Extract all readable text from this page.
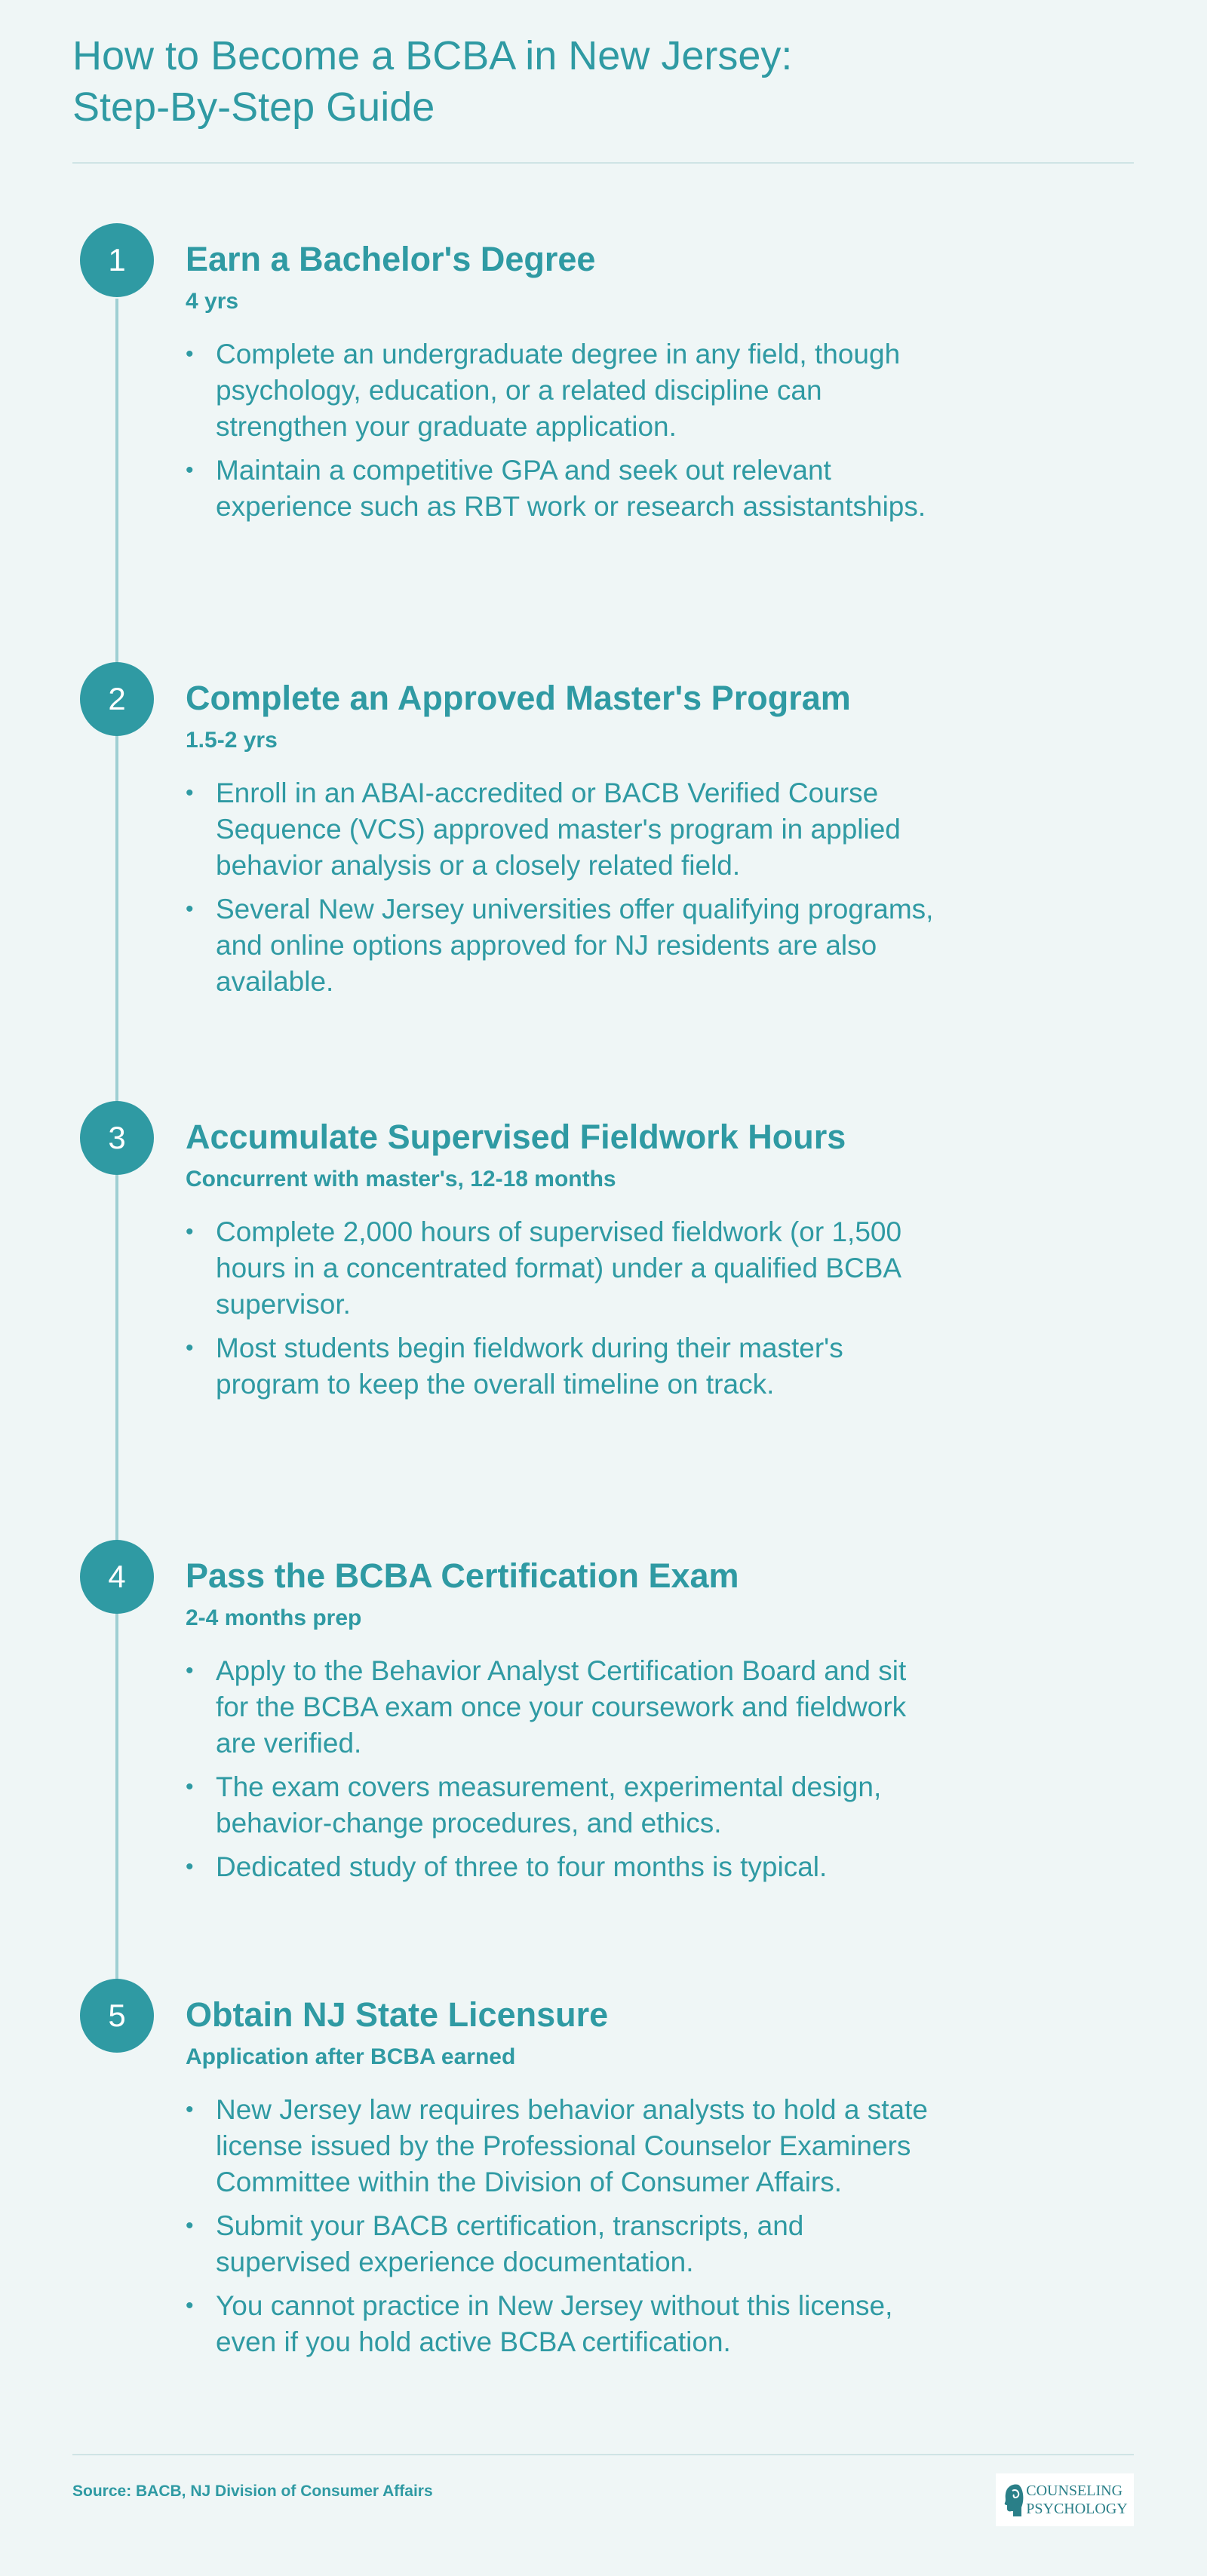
How to Become a BCBA in New Jersey:
Step-By-Step Guide
1	Earn a Bachelor's Degree

4 yrs

• Complete an undergraduate degree in any field, though psychology, education, or a related discipline can strengthen your graduate application.
• Maintain a competitive GPA and seek out relevant experience such as RBT work or research assistantships.
2	Complete an Approved Master's Program

1.5-2 yrs

• Enroll in an ABAI-accredited or BACB Verified Course Sequence (VCS) approved master's program in applied behavior analysis or a closely related field.
• Several New Jersey universities offer qualifying programs, and online options approved for NJ residents are also available.
3	Accumulate Supervised Fieldwork Hours

Concurrent with master's, 12-18 months

• Complete 2,000 hours of supervised fieldwork (or 1,500 hours in a concentrated format) under a qualified BCBA supervisor.
• Most students begin fieldwork during their master's program to keep the overall timeline on track.
4	Pass the BCBA Certification Exam

2-4 months prep

• Apply to the Behavior Analyst Certification Board and sit for the BCBA exam once your coursework and fieldwork are verified.
• The exam covers measurement, experimental design, behavior-change procedures, and ethics.
• Dedicated study of three to four months is typical.
5	Obtain NJ State Licensure

Application after BCBA earned

• New Jersey law requires behavior analysts to hold a state license issued by the Professional Counselor Examiners Committee within the Division of Consumer Affairs.
• Submit your BACB certification, transcripts, and supervised experience documentation.
• You cannot practice in New Jersey without this license, even if you hold active BCBA certification.
Source: BACB, NJ Division of Consumer Affairs	COUNSELING
PSYCHOLOGY
